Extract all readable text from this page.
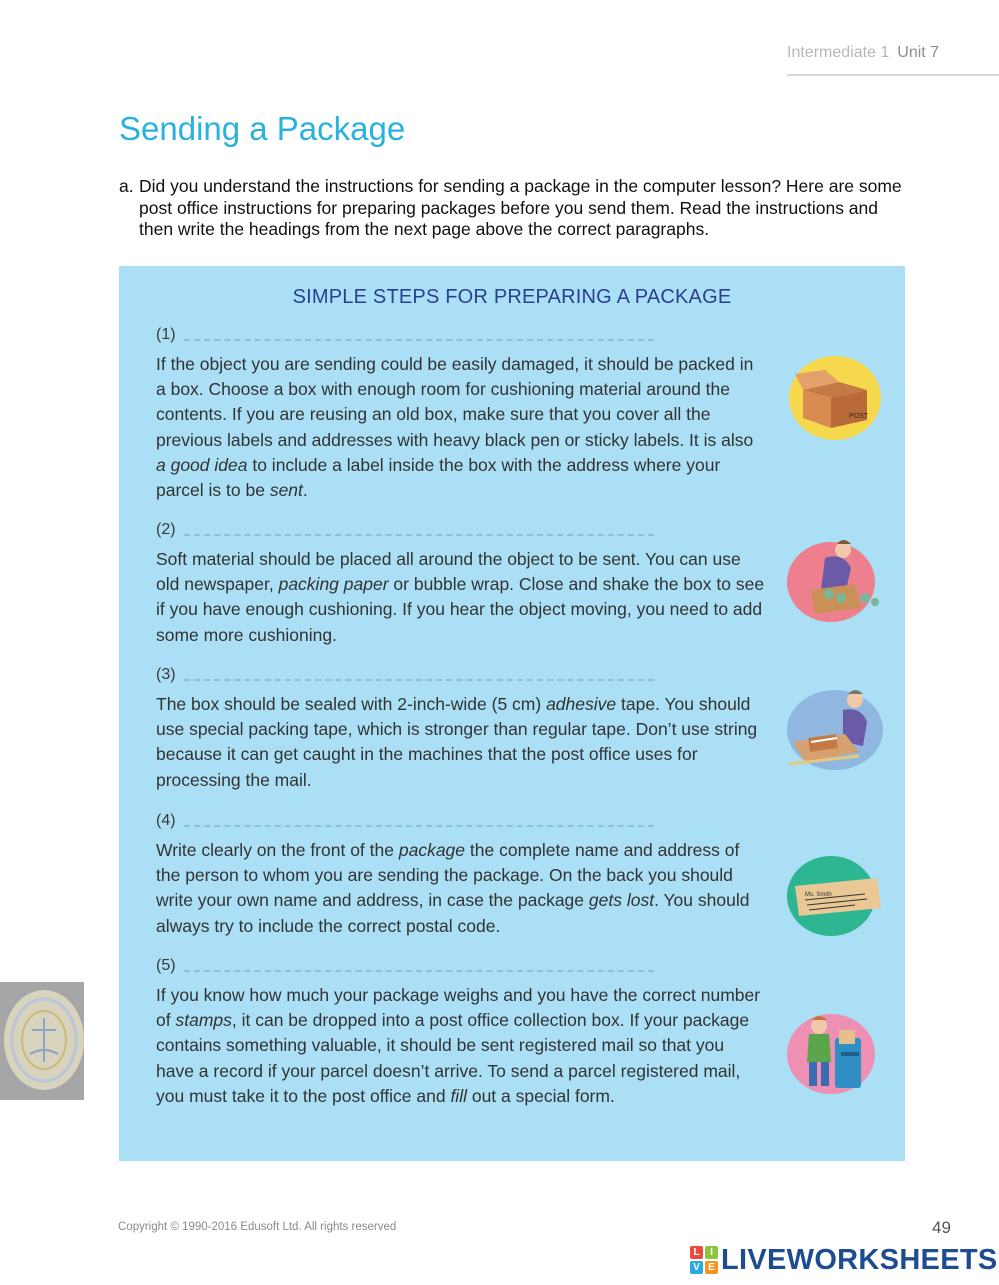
Intermediate 1 Unit 7
Sending a Package
a. Did you understand the instructions for sending a package in the computer lesson? Here are some post office instructions for preparing packages before you send them. Read the instructions and then write the headings from the next page above the correct paragraphs.
SIMPLE STEPS FOR PREPARING A PACKAGE
(1)
If the object you are sending could be easily damaged, it should be packed in a box. Choose a box with enough room for cushioning material around the contents. If you are reusing an old box, make sure that you cover all the previous labels and addresses with heavy black pen or sticky labels. It is also a good idea to include a label inside the box with the address where your parcel is to be sent.
(2)
Soft material should be placed all around the object to be sent. You can use old newspaper, packing paper or bubble wrap. Close and shake the box to see if you have enough cushioning. If you hear the object moving, you need to add some more cushioning.
(3)
The box should be sealed with 2-inch-wide (5 cm) adhesive tape. You should use special packing tape, which is stronger than regular tape. Don’t use string because it can get caught in the machines that the post office uses for processing the mail.
(4)
Write clearly on the front of the package the complete name and address of the person to whom you are sending the package. On the back you should write your own name and address, in case the package gets lost. You should always try to include the correct postal code.
(5)
If you know how much your package weighs and you have the correct number of stamps, it can be dropped into a post office collection box. If your package contains something valuable, it should be sent registered mail so that you have a record if your parcel doesn’t arrive. To send a parcel registered mail, you must take it to the post office and fill out a special form.
POST
Ms. Smith
Copyright © 1990-2016 Edusoft Ltd. All rights reserved	49
L	I
V E LIVEWORKSHEETS
